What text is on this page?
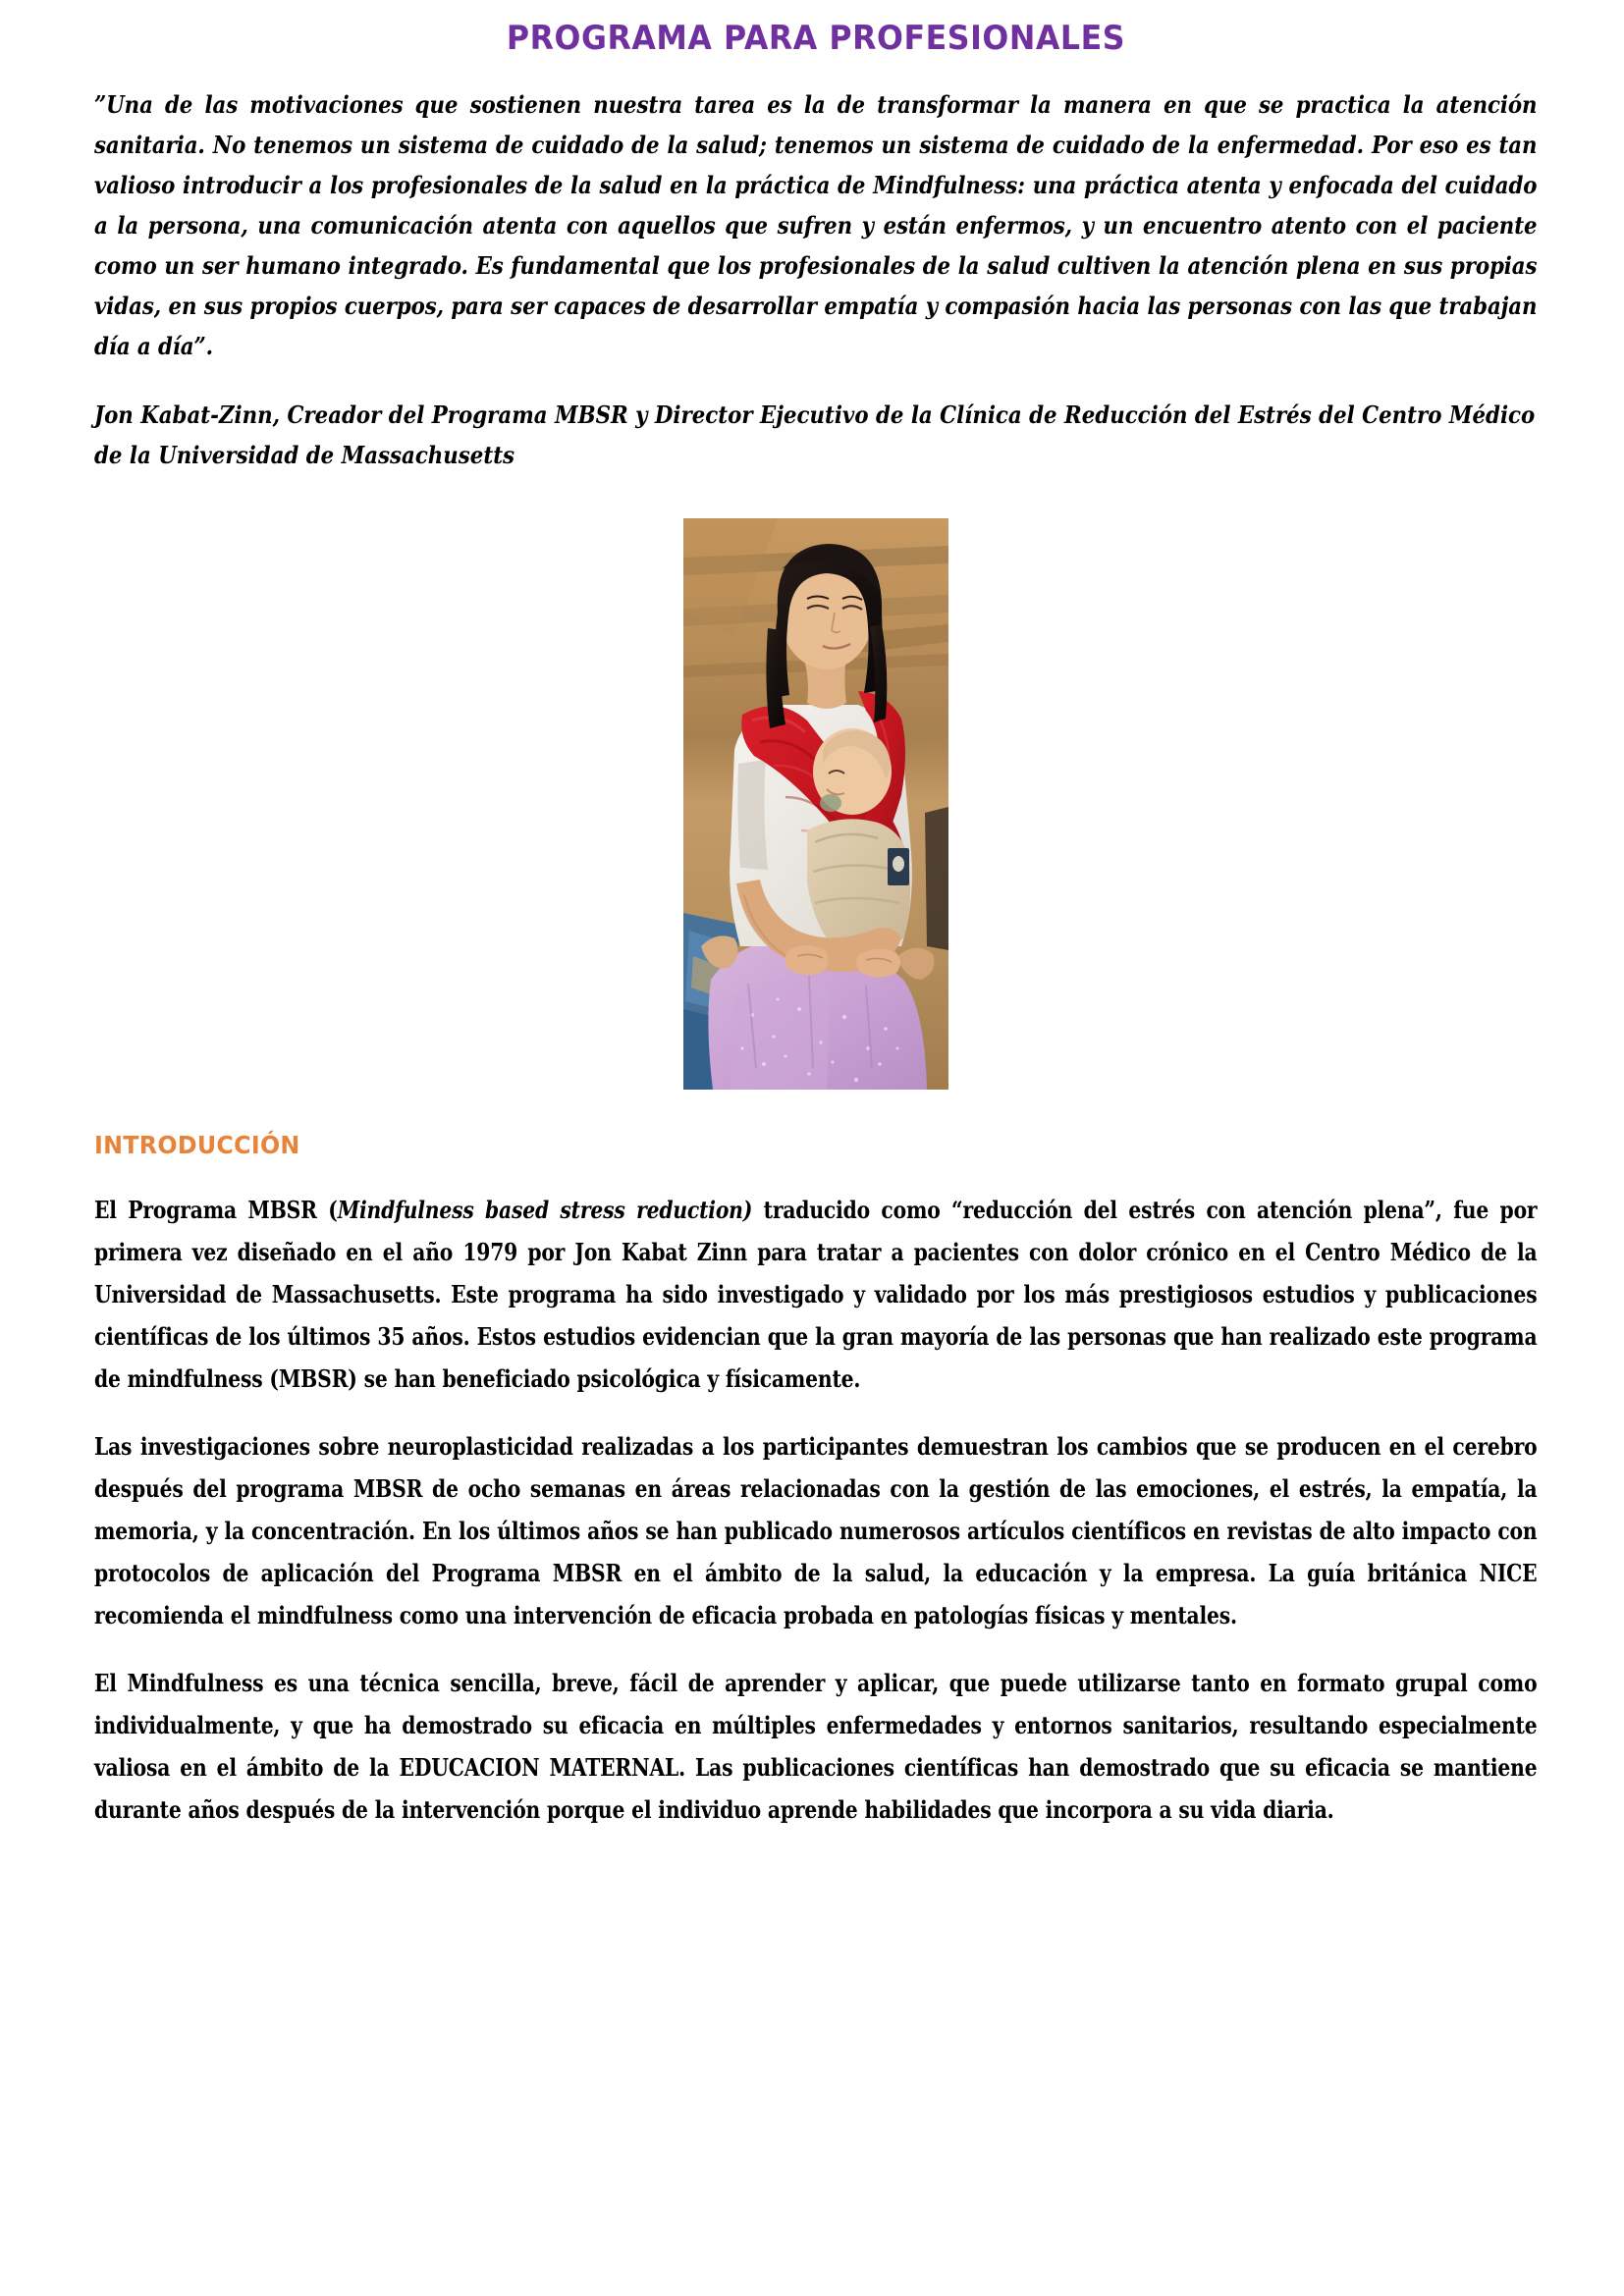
PROGRAMA PARA PROFESIONALES

”Una de las motivaciones que sostienen nuestra tarea es la de transformar la manera en que se practica la atención sanitaria. No tenemos un sistema de cuidado de la salud; tenemos un sistema de cuidado de la enfermedad. Por eso es tan valioso introducir a los profesionales de la salud en la práctica de Mindfulness: una práctica atenta y enfocada del cuidado a la persona, una comunicación atenta con aquellos que sufren y están enfermos, y un encuentro atento con el paciente como un ser humano integrado. Es fundamental que los profesionales de la salud cultiven la atención plena en sus propias vidas, en sus propios cuerpos, para ser capaces de desarrollar empatía y compasión hacia las personas con las que trabajan día a día”.

Jon Kabat-Zinn, Creador del Programa MBSR y Director Ejecutivo de la Clínica de Reducción del Estrés del Centro Médico de la Universidad de Massachusetts

INTRODUCCIÓN

El Programa MBSR (Mindfulness based stress reduction) traducido como “reducción del estrés con atención plena”, fue por primera vez diseñado en el año 1979 por Jon Kabat Zinn para tratar a pacientes con dolor crónico en el Centro Médico de la Universidad de Massachusetts. Este programa ha sido investigado y validado por los más prestigiosos estudios y publicaciones científicas de los últimos 35 años. Estos estudios evidencian que la gran mayoría de las personas que han realizado este programa de mindfulness (MBSR) se han beneficiado psicológica y físicamente.

Las investigaciones sobre neuroplasticidad realizadas a los participantes demuestran los cambios que se producen en el cerebro después del programa MBSR de ocho semanas en áreas relacionadas con la gestión de las emociones, el estrés, la empatía, la memoria, y la concentración. En los últimos años se han publicado numerosos artículos científicos en revistas de alto impacto con protocolos de aplicación del Programa MBSR en el ámbito de la salud, la educación y la empresa. La guía británica NICE recomienda el mindfulness como una intervención de eficacia probada en patologías físicas y mentales.

El Mindfulness es una técnica sencilla, breve, fácil de aprender y aplicar, que puede utilizarse tanto en formato grupal como individualmente, y que ha demostrado su eficacia en múltiples enfermedades y entornos sanitarios, resultando especialmente valiosa en el ámbito de la EDUCACION MATERNAL. Las publicaciones científicas han demostrado que su eficacia se mantiene durante años después de la intervención porque el individuo aprende habilidades que incorpora a su vida diaria.
